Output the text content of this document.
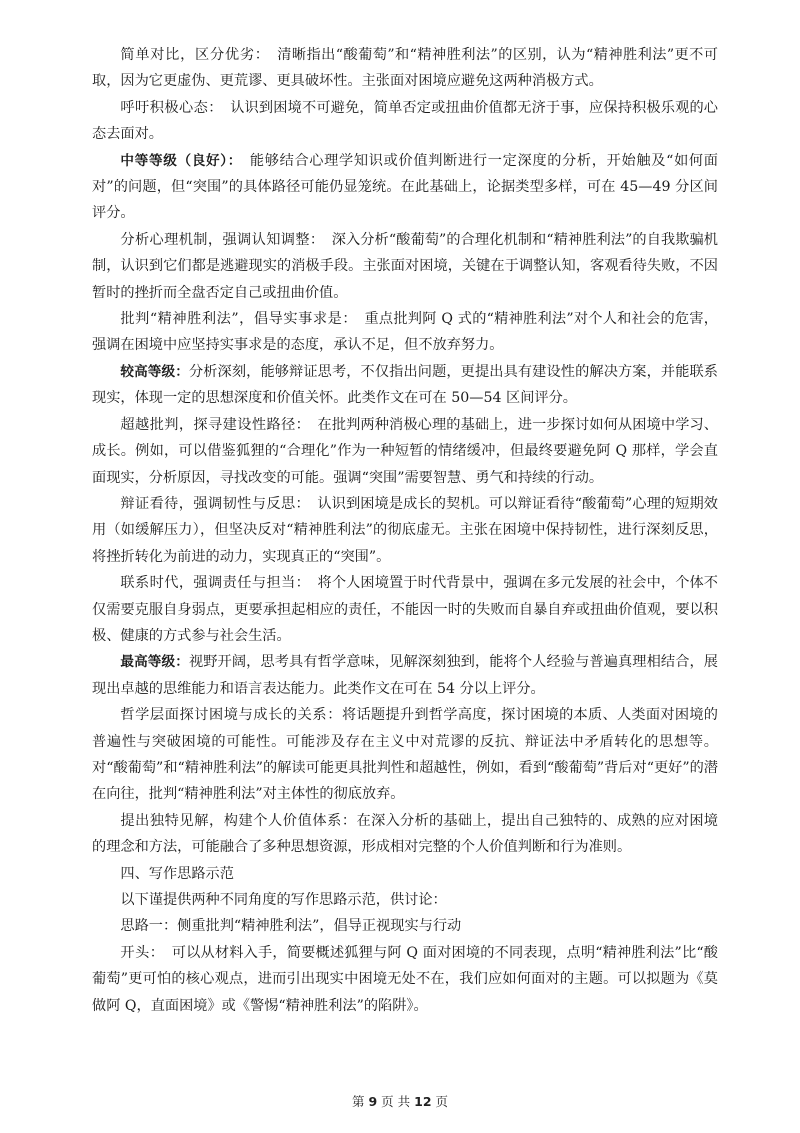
简单对比，区分优劣：  清晰指出“酸葡萄”和“精神胜利法”的区别，认为“精神胜利法”更不可取，因为它更虚伪、更荒谬、更具破坏性。主张面对困境应避免这两种消极方式。

呼吁积极心态：  认识到困境不可避免，简单否定或扭曲价值都无济于事，应保持积极乐观的心态去面对。

中等等级（良好）：  能够结合心理学知识或价值判断进行一定深度的分析，开始触及“如何面对”的问题，但“突围”的具体路径可能仍显笼统。在此基础上，论据类型多样，可在 45—49 分区间评分。

分析心理机制，强调认知调整：  深入分析“酸葡萄”的合理化机制和“精神胜利法”的自我欺骗机制，认识到它们都是逃避现实的消极手段。主张面对困境，关键在于调整认知，客观看待失败，不因暂时的挫折而全盘否定自己或扭曲价值。

批判“精神胜利法”，倡导实事求是：  重点批判阿 Q 式的“精神胜利法”对个人和社会的危害，强调在困境中应坚持实事求是的态度，承认不足，但不放弃努力。

较高等级：分析深刻，能够辩证思考，不仅指出问题，更提出具有建设性的解决方案，并能联系现实，体现一定的思想深度和价值关怀。此类作文在可在 50—54 区间评分。

超越批判，探寻建设性路径：  在批判两种消极心理的基础上，进一步探讨如何从困境中学习、成长。例如，可以借鉴狐狸的“合理化”作为一种短暂的情绪缓冲，但最终要避免阿 Q 那样，学会直面现实，分析原因，寻找改变的可能。强调“突围”需要智慧、勇气和持续的行动。

辩证看待，强调韧性与反思：  认识到困境是成长的契机。可以辩证看待“酸葡萄”心理的短期效用（如缓解压力），但坚决反对“精神胜利法”的彻底虚无。主张在困境中保持韧性，进行深刻反思，将挫折转化为前进的动力，实现真正的“突围”。

联系时代，强调责任与担当：  将个人困境置于时代背景中，强调在多元发展的社会中，个体不仅需要克服自身弱点，更要承担起相应的责任，不能因一时的失败而自暴自弃或扭曲价值观，要以积极、健康的方式参与社会生活。

最高等级：视野开阔，思考具有哲学意味，见解深刻独到，能将个人经验与普遍真理相结合，展现出卓越的思维能力和语言表达能力。此类作文在可在 54 分以上评分。

哲学层面探讨困境与成长的关系：将话题提升到哲学高度，探讨困境的本质、人类面对困境的普遍性与突破困境的可能性。可能涉及存在主义中对荒谬的反抗、辩证法中矛盾转化的思想等。对“酸葡萄”和“精神胜利法”的解读可能更具批判性和超越性，例如，看到“酸葡萄”背后对“更好”的潜在向往，批判“精神胜利法”对主体性的彻底放弃。

提出独特见解，构建个人价值体系：在深入分析的基础上，提出自己独特的、成熟的应对困境的理念和方法，可能融合了多种思想资源，形成相对完整的个人价值判断和行为准则。

四、写作思路示范

以下谨提供两种不同角度的写作思路示范，供讨论：

思路一：侧重批判“精神胜利法”，倡导正视现实与行动

开头：  可以从材料入手，简要概述狐狸与阿 Q 面对困境的不同表现，点明“精神胜利法”比“酸葡萄”更可怕的核心观点，进而引出现实中困境无处不在，我们应如何面对的主题。可以拟题为《莫做阿 Q，直面困境》或《警惕“精神胜利法”的陷阱》。

第 9 页 共 12 页
